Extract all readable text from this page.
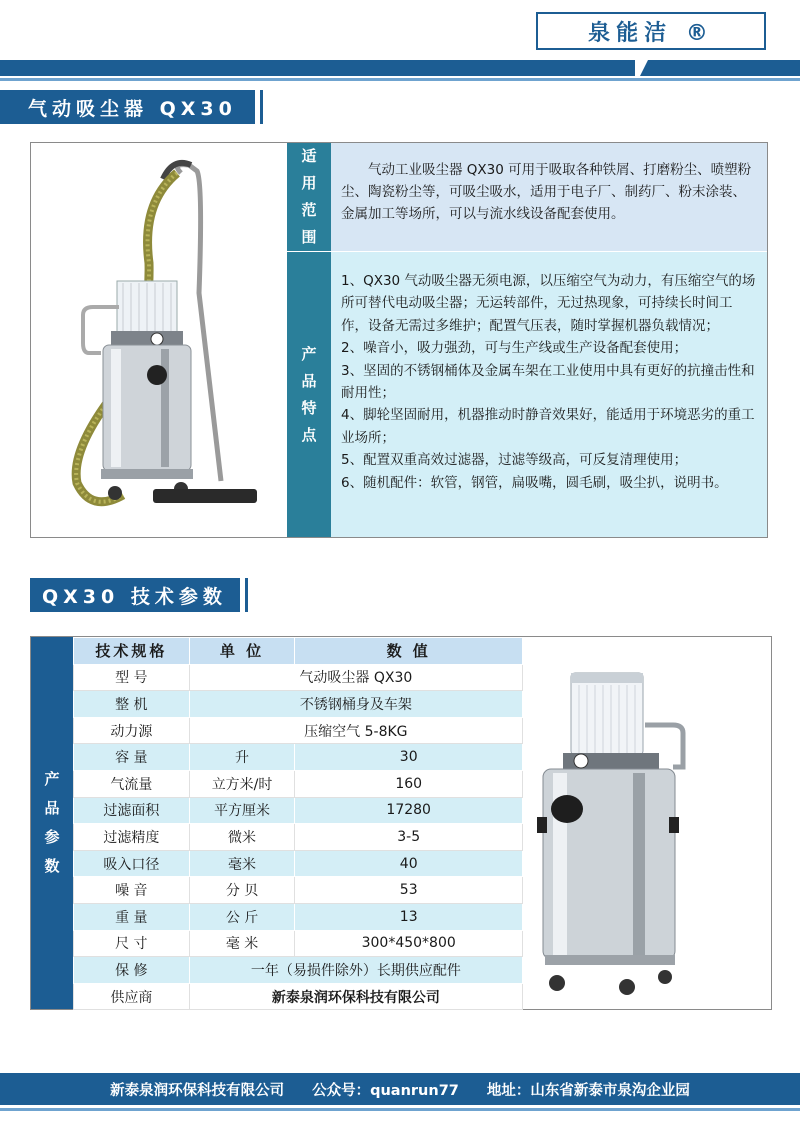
泉能洁 ®
气动吸尘器 QX30
适
用
范
围
气动工业吸尘器 QX30 可用于吸取各种铁屑、打磨粉尘、喷塑粉尘、陶瓷粉尘等，可吸尘吸水，适用于电子厂、制药厂、粉末涂装、金属加工等场所，可以与流水线设备配套使用。
产
品
特
点
1、QX30 气动吸尘器无须电源，以压缩空气为动力，有压缩空气的场所可替代电动吸尘器；无运转部件，无过热现象，可持续长时间工作，设备无需过多维护；配置气压表，随时掌握机器负载情况；
2、噪音小，吸力强劲，可与生产线或生产设备配套使用；
3、坚固的不锈钢桶体及金属车架在工业使用中具有更好的抗撞击性和耐用性；
4、脚轮坚固耐用，机器推动时静音效果好，能适用于环境恶劣的重工业场所；
5、配置双重高效过滤器，过滤等级高，可反复清理使用；
6、随机配件：软管，钢管，扁吸嘴，圆毛刷，吸尘扒，说明书。
QX30 技术参数
产
品
参
数
技术规格	单 位	数 值
型 号	气动吸尘器 QX30	
整 机	不锈钢桶身及车架	
动力源	压缩空气 5-8KG	
容 量	升	30
气流量	立方米/时	160
过滤面积	平方厘米	17280
过滤精度	微米	3-5
吸入口径	毫米	40
噪 音	分 贝	53
重 量	公 斤	13
尺 寸	毫 米	300*450*800
保 修	一年（易损件除外）长期供应配件	
供应商	新泰泉润环保科技有限公司	
新泰泉润环保科技有限公司 公众号：quanrun77 地址：山东省新泰市泉沟企业园
